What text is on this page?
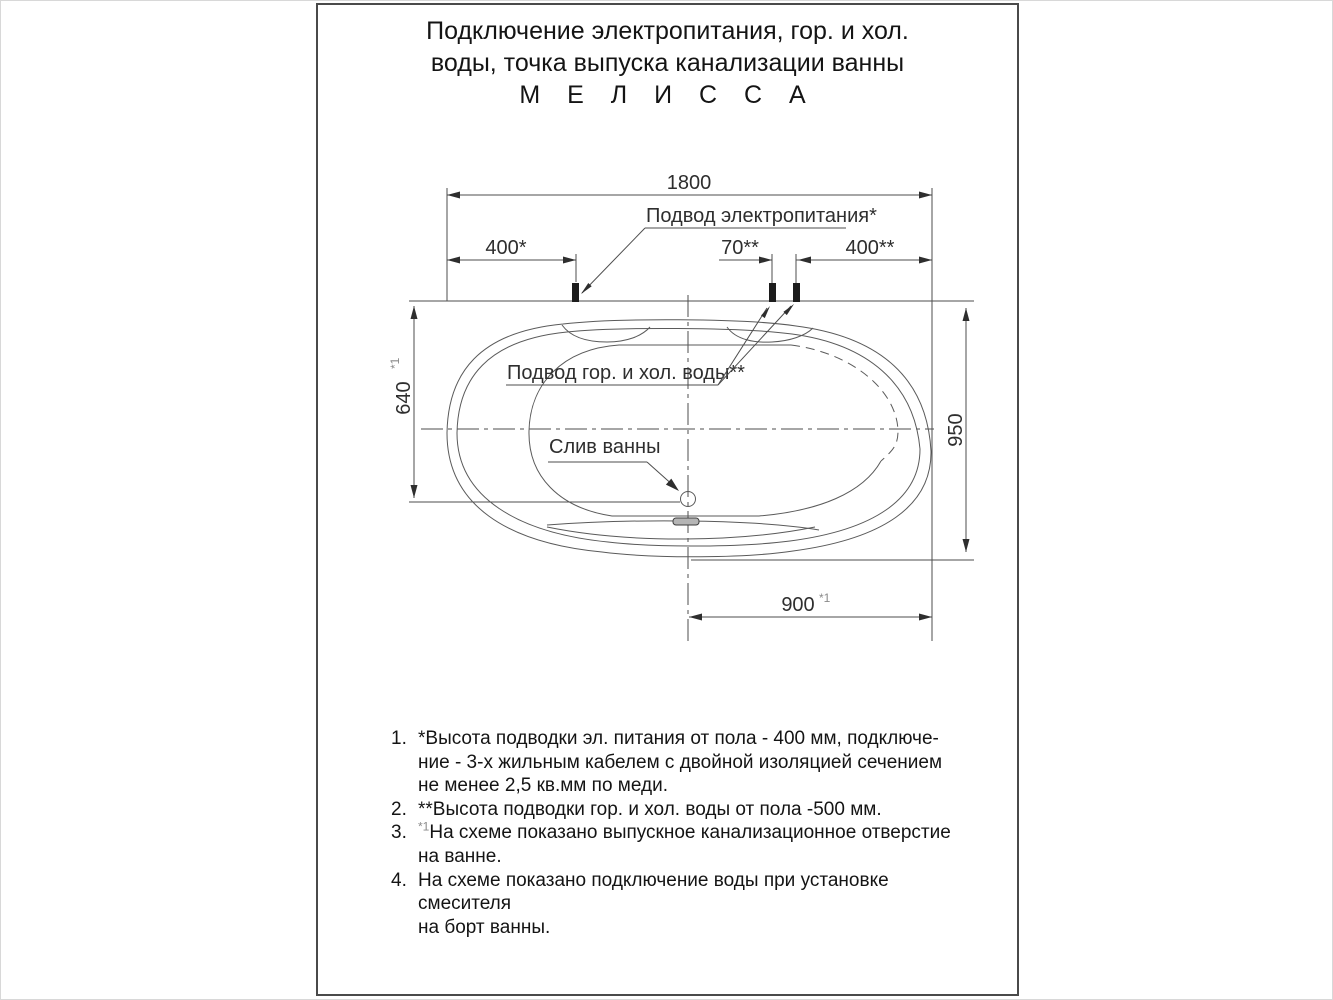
Подключение электропитания, гор. и хол.
воды, точка выпуска канализации ванны
М Е Л И С С А
1800
400*	70**	400**
640
*1
950
900 *1
Подвод электропитания*
Подвод гор. и хол. воды**
Слив ванны
1. *Высота подводки эл. питания от пола - 400 мм, подключе-
ние - 3-х жильным кабелем с двойной изоляцией сечением
не менее 2,5 кв.мм по меди.
2. **Высота подводки гор. и хол. воды от пола -500 мм.
3. $^{*1}$На схеме показано выпускное канализационное отверстие
на ванне.
4. На схеме показано подключение воды при установке смесителя
на борт ванны.
